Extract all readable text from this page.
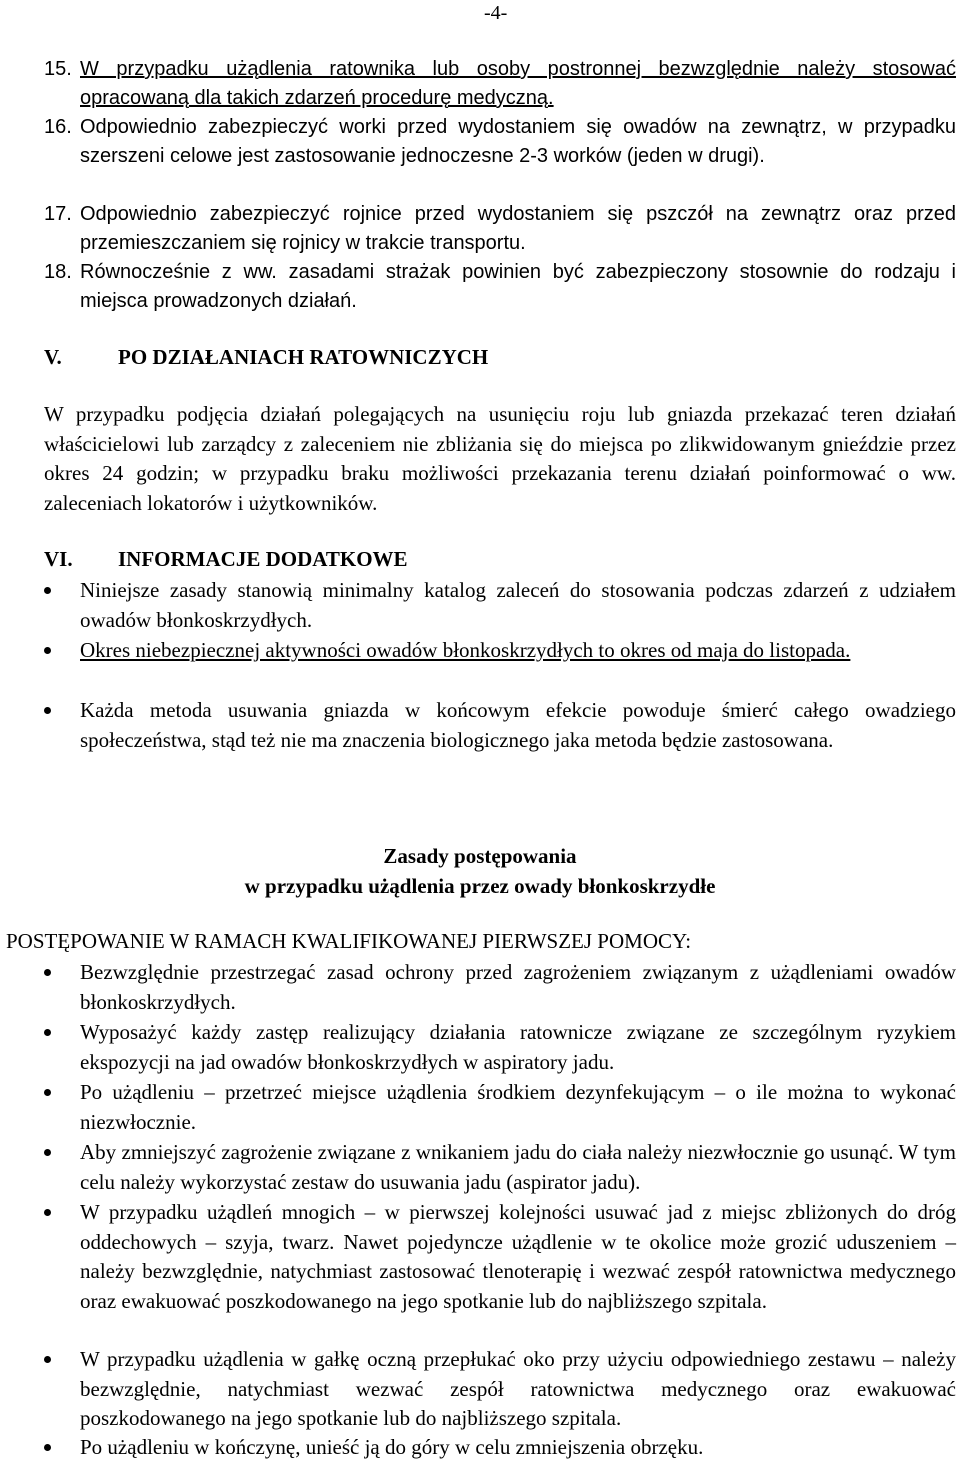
-4-
15. W przypadku użądlenia ratownika lub osoby postronnej bezwzględnie należy stosować opracowaną dla takich zdarzeń procedurę medyczną.
16. Odpowiednio zabezpieczyć worki przed wydostaniem się owadów na zewnątrz, w przypadku szerszeni celowe jest zastosowanie jednoczesne 2-3 worków (jeden w drugi).
17. Odpowiednio zabezpieczyć rojnice przed wydostaniem się pszczół na zewnątrz oraz przed przemieszczaniem się rojnicy w trakcie transportu.
18. Równocześnie z ww. zasadami strażak powinien być zabezpieczony stosownie do rodzaju i miejsca prowadzonych działań.
V.	PO DZIAŁANIACH RATOWNICZYCH
W przypadku podjęcia działań polegających na usunięciu roju lub gniazda przekazać teren działań właścicielowi lub zarządcy z zaleceniem nie zbliżania się do miejsca po zlikwidowanym gnieździe przez okres 24 godzin; w przypadku braku możliwości przekazania terenu działań poinformować o ww. zaleceniach lokatorów i użytkowników.
VI.	INFORMACJE DODATKOWE
Niniejsze zasady stanowią minimalny katalog zaleceń do stosowania podczas zdarzeń z udziałem owadów błonkoskrzydłych.
Okres niebezpiecznej aktywności owadów błonkoskrzydłych to okres od maja do listopada.
Każda metoda usuwania gniazda w końcowym efekcie powoduje śmierć całego owadziego społeczeństwa, stąd też nie ma znaczenia biologicznego jaka metoda będzie zastosowana.
Zasady postępowania
w przypadku użądlenia przez owady błonkoskrzydłe
POSTĘPOWANIE W RAMACH KWALIFIKOWANEJ PIERWSZEJ POMOCY:
Bezwzględnie przestrzegać zasad ochrony przed zagrożeniem związanym z użądleniami owadów błonkoskrzydłych.
Wyposażyć każdy zastęp realizujący działania ratownicze związane ze szczególnym ryzykiem ekspozycji na jad owadów błonkoskrzydłych w aspiratory jadu.
Po użądleniu – przetrzeć miejsce użądlenia środkiem dezynfekującym – o ile można to wykonać niezwłocznie.
Aby zmniejszyć zagrożenie związane z wnikaniem jadu do ciała należy niezwłocznie go usunąć. W tym celu należy wykorzystać zestaw do usuwania jadu (aspirator jadu).
W przypadku użądleń mnogich – w pierwszej kolejności usuwać jad z miejsc zbliżonych do dróg oddechowych – szyja, twarz. Nawet pojedyncze użądlenie w te okolice może grozić uduszeniem – należy bezwzględnie, natychmiast zastosować tlenoterapię i wezwać zespół ratownictwa medycznego oraz ewakuować poszkodowanego na jego spotkanie lub do najbliższego szpitala.
W przypadku użądlenia w gałkę oczną przepłukać oko przy użyciu odpowiedniego zestawu – należy bezwzględnie, natychmiast wezwać zespół ratownictwa medycznego oraz ewakuować poszkodowanego na jego spotkanie lub do najbliższego szpitala.
Po użądleniu w kończynę, unieść ją do góry w celu zmniejszenia obrzęku.
